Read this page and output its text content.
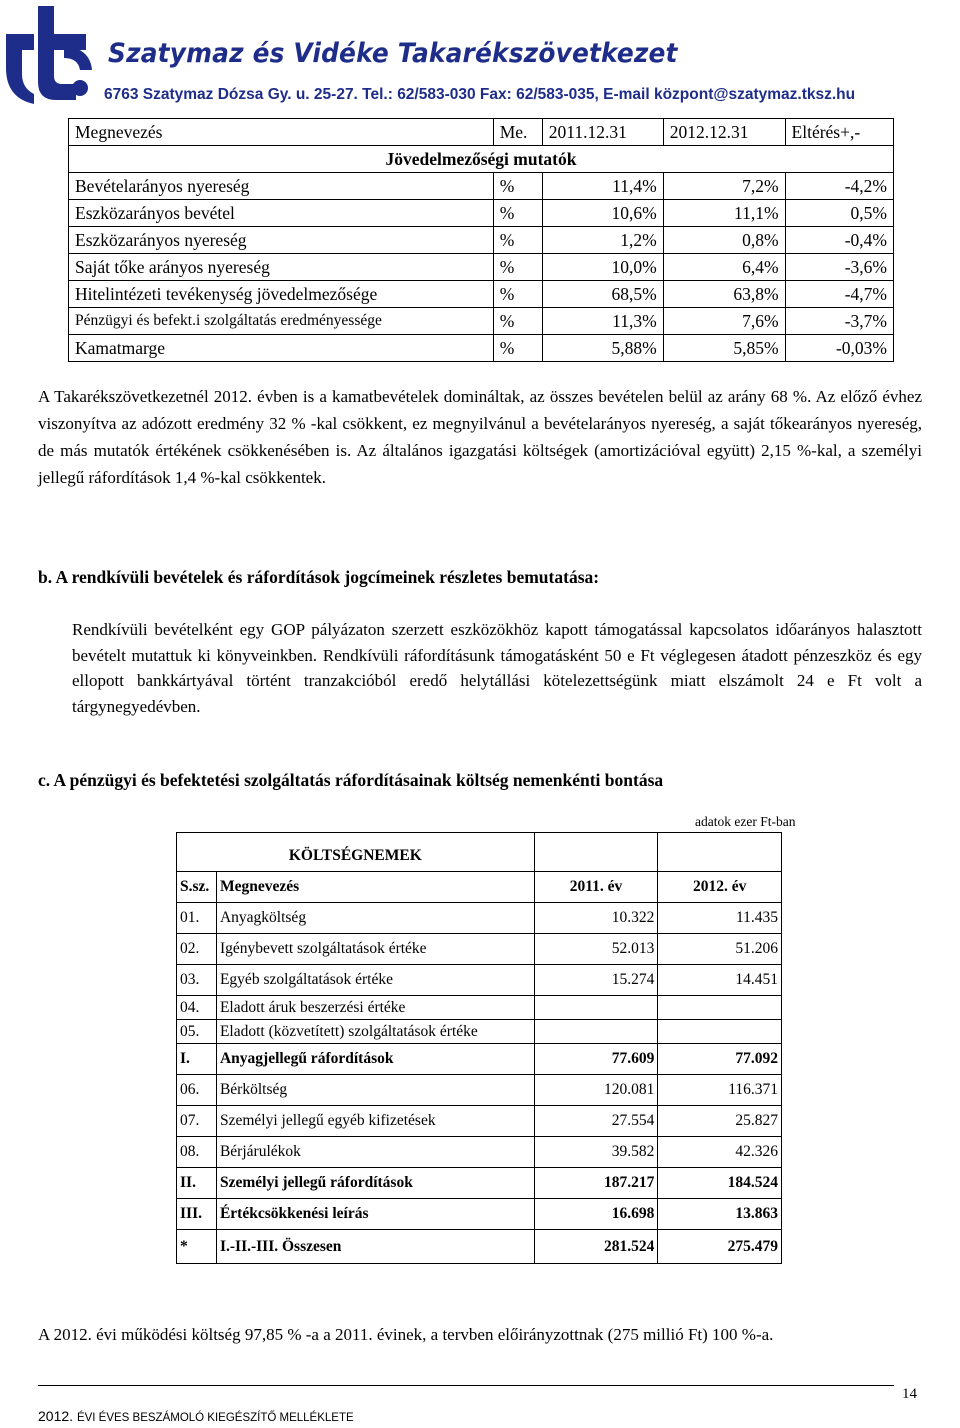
Szatymaz és Vidéke Takarékszövetkezet
6763 Szatymaz Dózsa Gy. u. 25-27. Tel.: 62/583-030 Fax: 62/583-035, E-mail központ@szatymaz.tksz.hu
Megnevezés	Me.	2011.12.31	2012.12.31	Eltérés+,-
Jövedelmezőségi mutatók				
Bevételarányos nyereség	%	11,4%	7,2%	-4,2%
Eszközarányos bevétel	%	10,6%	11,1%	0,5%
Eszközarányos nyereség	%	1,2%	0,8%	-0,4%
Saját tőke arányos nyereség	%	10,0%	6,4%	-3,6%
Hitelintézeti tevékenység jövedelmezősége	%	68,5%	63,8%	-4,7%
Pénzügyi és befekt.i szolgáltatás eredményessége	%	11,3%	7,6%	-3,7%
Kamatmarge	%	5,88%	5,85%	-0,03%
A Takarékszövetkezetnél 2012. évben is a kamatbevételek domináltak, az összes bevételen belül az arány 68 %. Az előző évhez viszonyítva az adózott eredmény 32 % -kal csökkent, ez megnyilvánul a bevételarányos nyereség, a saját tőkearányos nyereség, de más mutatók értékének csökkenésében is. Az általános igazgatási költségek (amortizációval együtt) 2,15 %-kal, a személyi jellegű ráfordítások 1,4 %-kal csökkentek.
b. A rendkívüli bevételek és ráfordítások jogcímeinek részletes bemutatása:
Rendkívüli bevételként egy GOP pályázaton szerzett eszközökhöz kapott támogatással kapcsolatos időarányos halasztott bevételt mutattuk ki könyveinkben. Rendkívüli ráfordításunk támogatásként 50 e Ft véglegesen átadott pénzeszköz és egy ellopott bankkártyával történt tranzakcióból eredő helytállási kötelezettségünk miatt elszámolt 24 e Ft volt a tárgynegyedévben.
c. A pénzügyi és befektetési szolgáltatás ráfordításainak költség nemenkénti bontása
adatok ezer Ft-ban
KÖLTSÉGNEMEK			
S.sz.	Megnevezés	2011. év	2012. év
01.	Anyagköltség	10.322	11.435
02.	Igénybevett szolgáltatások értéke	52.013	51.206
03.	Egyéb szolgáltatások értéke	15.274	14.451
04.	Eladott áruk beszerzési értéke		
05.	Eladott (közvetített) szolgáltatások értéke		
I.	Anyagjellegű ráfordítások	77.609	77.092
06.	Bérköltség	120.081	116.371
07.	Személyi jellegű egyéb kifizetések	27.554	25.827
08.	Bérjárulékok	39.582	42.326
II.	Személyi jellegű ráfordítások	187.217	184.524
III.	Értékcsökkenési leírás	16.698	13.863
*	I.-II.-III. Összesen	281.524	275.479
A 2012. évi működési költség 97,85 % -a a 2011. évinek, a tervben előirányzottnak (275 millió Ft) 100 %-a.
14
2012. ÉVI ÉVES BESZÁMOLÓ KIEGÉSZÍTŐ MELLÉKLETE
